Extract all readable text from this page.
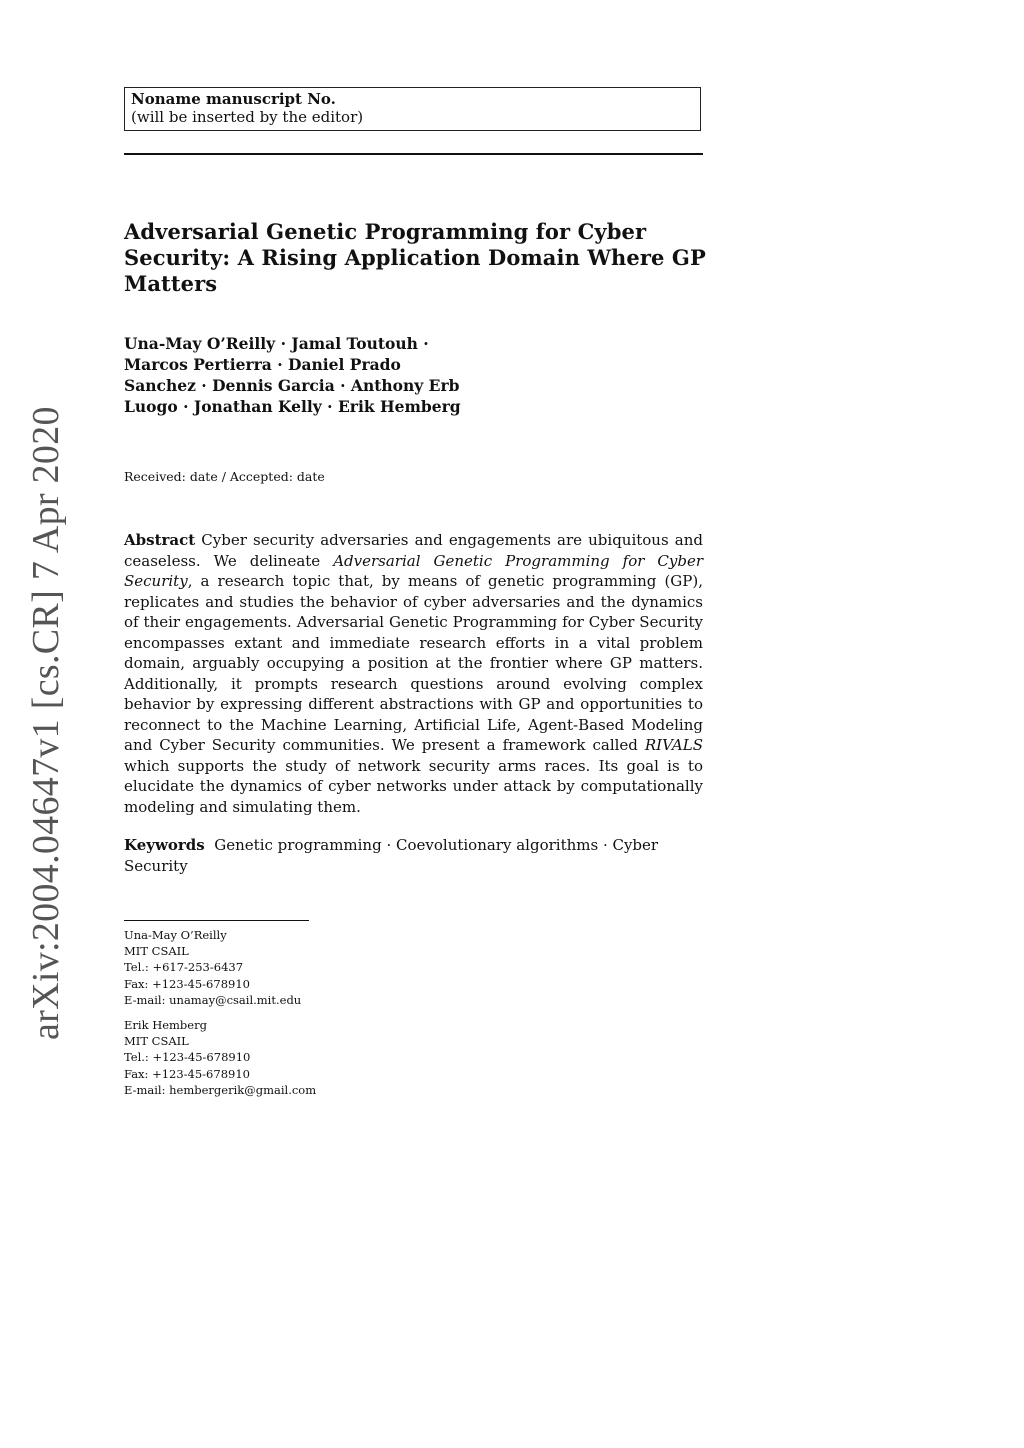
arXiv:2004.04647v1 [cs.CR] 7 Apr 2020
Noname manuscript No.
(will be inserted by the editor)
Adversarial Genetic Programming for Cyber Security: A Rising Application Domain Where GP Matters
Una-May O’Reilly · Jamal Toutouh ·
Marcos Pertierra · Daniel Prado
Sanchez · Dennis Garcia · Anthony Erb
Luogo · Jonathan Kelly · Erik Hemberg
Received: date / Accepted: date
Abstract Cyber security adversaries and engagements are ubiquitous and ceaseless. We delineate Adversarial Genetic Programming for Cyber Security, a research topic that, by means of genetic programming (GP), replicates and studies the behavior of cyber adversaries and the dynamics of their engagements. Adversarial Genetic Programming for Cyber Security encompasses extant and immediate research efforts in a vital problem domain, arguably occupying a position at the frontier where GP matters. Additionally, it prompts research questions around evolving complex behavior by expressing different abstractions with GP and opportunities to reconnect to the Machine Learning, Artificial Life, Agent-Based Modeling and Cyber Security communities. We present a framework called RIVALS which supports the study of network security arms races. Its goal is to elucidate the dynamics of cyber networks under attack by computationally modeling and simulating them.
Keywords Genetic programming · Coevolutionary algorithms · Cyber Security
Una-May O’Reilly
MIT CSAIL
Tel.: +617-253-6437
Fax: +123-45-678910
E-mail: unamay@csail.mit.edu
Erik Hemberg
MIT CSAIL
Tel.: +123-45-678910
Fax: +123-45-678910
E-mail: hembergerik@gmail.com
